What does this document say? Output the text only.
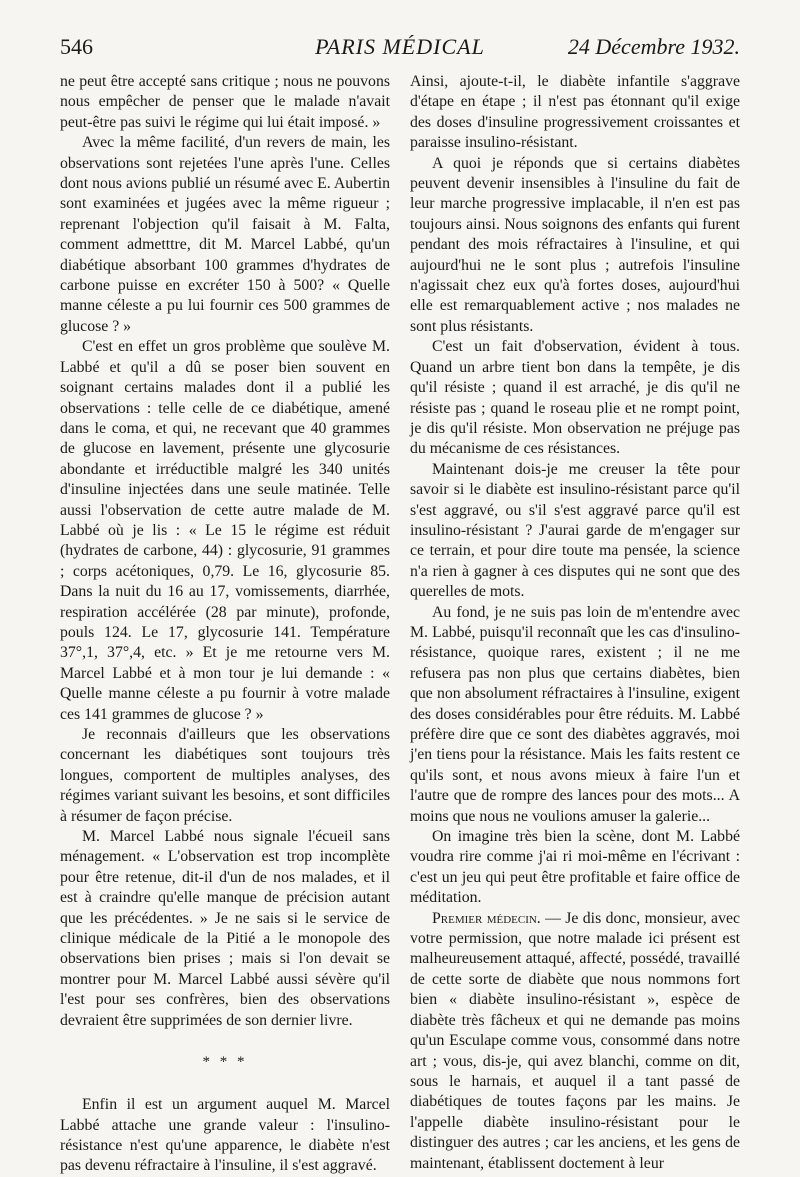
546	PARIS MÉDICAL	24 Décembre 1932.

ne peut être accepté sans critique ; nous ne pouvons nous empêcher de penser que le malade n'avait peut-être pas suivi le régime qui lui était imposé. »

Avec la même facilité, d'un revers de main, les observations sont rejetées l'une après l'une. Celles dont nous avions publié un résumé avec E. Aubertin sont examinées et jugées avec la même rigueur ; reprenant l'objection qu'il faisait à M. Falta, comment admetttre, dit M. Marcel Labbé, qu'un diabétique absorbant 100 grammes d'hydrates de carbone puisse en excréter 150 à 500? « Quelle manne céleste a pu lui fournir ces 500 grammes de glucose ? »

C'est en effet un gros problème que soulève M. Labbé et qu'il a dû se poser bien souvent en soignant certains malades dont il a publié les observations : telle celle de ce diabétique, amené dans le coma, et qui, ne recevant que 40 grammes de glucose en lavement, présente une glycosurie abondante et irréductible malgré les 340 unités d'insuline injectées dans une seule matinée. Telle aussi l'observation de cette autre malade de M. Labbé où je lis : « Le 15 le régime est réduit (hydrates de carbone, 44) : glycosurie, 91 grammes ; corps acétoniques, 0,79. Le 16, glycosurie 85. Dans la nuit du 16 au 17, vomissements, diarrhée, respiration accélérée (28 par minute), profonde, pouls 124. Le 17, glycosurie 141. Température 37°,1, 37°,4, etc. » Et je me retourne vers M. Marcel Labbé et à mon tour je lui demande : « Quelle manne céleste a pu fournir à votre malade ces 141 grammes de glucose ? »

Je reconnais d'ailleurs que les observations concernant les diabétiques sont toujours très longues, comportent de multiples analyses, des régimes variant suivant les besoins, et sont difficiles à résumer de façon précise.

M. Marcel Labbé nous signale l'écueil sans ménagement. « L'observation est trop incomplète pour être retenue, dit-il d'un de nos malades, et il est à craindre qu'elle manque de précision autant que les précédentes. » Je ne sais si le service de clinique médicale de la Pitié a le monopole des observations bien prises ; mais si l'on devait se montrer pour M. Marcel Labbé aussi sévère qu'il l'est pour ses confrères, bien des observations devraient être supprimées de son dernier livre.

* * *

Enfin il est un argument auquel M. Marcel Labbé attache une grande valeur : l'insulino-résistance n'est qu'une apparence, le diabète n'est pas devenu réfractaire à l'insuline, il s'est aggravé.

Ainsi, ajoute-t-il, le diabète infantile s'aggrave d'étape en étape ; il n'est pas étonnant qu'il exige des doses d'insuline progressivement croissantes et paraisse insulino-résistant.

A quoi je réponds que si certains diabètes peuvent devenir insensibles à l'insuline du fait de leur marche progressive implacable, il n'en est pas toujours ainsi. Nous soignons des enfants qui furent pendant des mois réfractaires à l'insuline, et qui aujourd'hui ne le sont plus ; autrefois l'insuline n'agissait chez eux qu'à fortes doses, aujourd'hui elle est remarquablement active ; nos malades ne sont plus résistants.

C'est un fait d'observation, évident à tous. Quand un arbre tient bon dans la tempête, je dis qu'il résiste ; quand il est arraché, je dis qu'il ne résiste pas ; quand le roseau plie et ne rompt point, je dis qu'il résiste. Mon observation ne préjuge pas du mécanisme de ces résistances.

Maintenant dois-je me creuser la tête pour savoir si le diabète est insulino-résistant parce qu'il s'est aggravé, ou s'il s'est aggravé parce qu'il est insulino-résistant ? J'aurai garde de m'engager sur ce terrain, et pour dire toute ma pensée, la science n'a rien à gagner à ces disputes qui ne sont que des querelles de mots.

Au fond, je ne suis pas loin de m'entendre avec M. Labbé, puisqu'il reconnaît que les cas d'insulino-résistance, quoique rares, existent ; il ne me refusera pas non plus que certains diabètes, bien que non absolument réfractaires à l'insuline, exigent des doses considérables pour être réduits. M. Labbé préfère dire que ce sont des diabètes aggravés, moi j'en tiens pour la résistance. Mais les faits restent ce qu'ils sont, et nous avons mieux à faire l'un et l'autre que de rompre des lances pour des mots... A moins que nous ne voulions amuser la galerie...

On imagine très bien la scène, dont M. Labbé voudra rire comme j'ai ri moi-même en l'écrivant : c'est un jeu qui peut être profitable et faire office de méditation.

Premier médecin. — Je dis donc, monsieur, avec votre permission, que notre malade ici présent est malheureusement attaqué, affecté, possédé, travaillé de cette sorte de diabète que nous nommons fort bien « diabète insulino-résistant », espèce de diabète très fâcheux et qui ne demande pas moins qu'un Esculape comme vous, consommé dans notre art ; vous, dis-je, qui avez blanchi, comme on dit, sous le harnais, et auquel il a tant passé de diabétiques de toutes façons par les mains. Je l'appelle diabète insulino-résistant pour le distinguer des autres ; car les anciens, et les gens de maintenant, établissent doctement à leur
